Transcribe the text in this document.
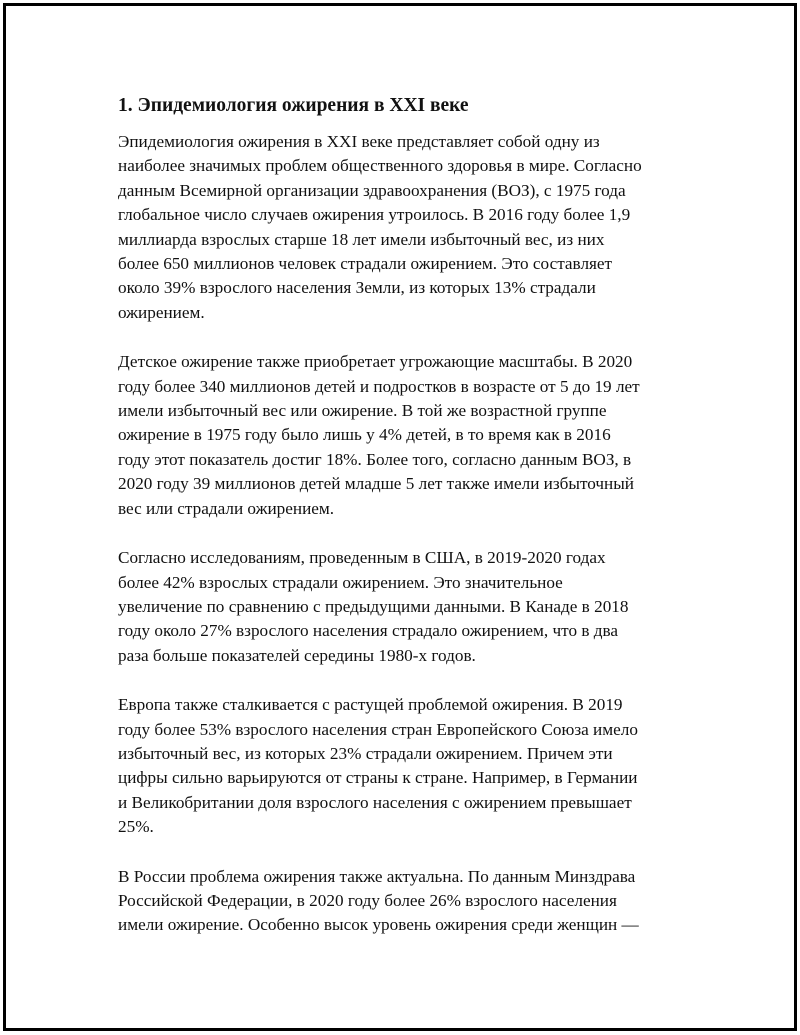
1. Эпидемиология ожирения в XXI веке

Эпидемиология ожирения в XXI веке представляет собой одну из
наиболее значимых проблем общественного здоровья в мире. Согласно
данным Всемирной организации здравоохранения (ВОЗ), с 1975 года
глобальное число случаев ожирения утроилось. В 2016 году более 1,9
миллиарда взрослых старше 18 лет имели избыточный вес, из них
более 650 миллионов человек страдали ожирением. Это составляет
около 39% взрослого населения Земли, из которых 13% страдали
ожирением.

Детское ожирение также приобретает угрожающие масштабы. В 2020
году более 340 миллионов детей и подростков в возрасте от 5 до 19 лет
имели избыточный вес или ожирение. В той же возрастной группе
ожирение в 1975 году было лишь у 4% детей, в то время как в 2016
году этот показатель достиг 18%. Более того, согласно данным ВОЗ, в
2020 году 39 миллионов детей младше 5 лет также имели избыточный
вес или страдали ожирением.

Согласно исследованиям, проведенным в США, в 2019-2020 годах
более 42% взрослых страдали ожирением. Это значительное
увеличение по сравнению с предыдущими данными. В Канаде в 2018
году около 27% взрослого населения страдало ожирением, что в два
раза больше показателей середины 1980-х годов.

Европа также сталкивается с растущей проблемой ожирения. В 2019
году более 53% взрослого населения стран Европейского Союза имело
избыточный вес, из которых 23% страдали ожирением. Причем эти
цифры сильно варьируются от страны к стране. Например, в Германии
и Великобритании доля взрослого населения с ожирением превышает
25%.

В России проблема ожирения также актуальна. По данным Минздрава
Российской Федерации, в 2020 году более 26% взрослого населения
имели ожирение. Особенно высок уровень ожирения среди женщин —
